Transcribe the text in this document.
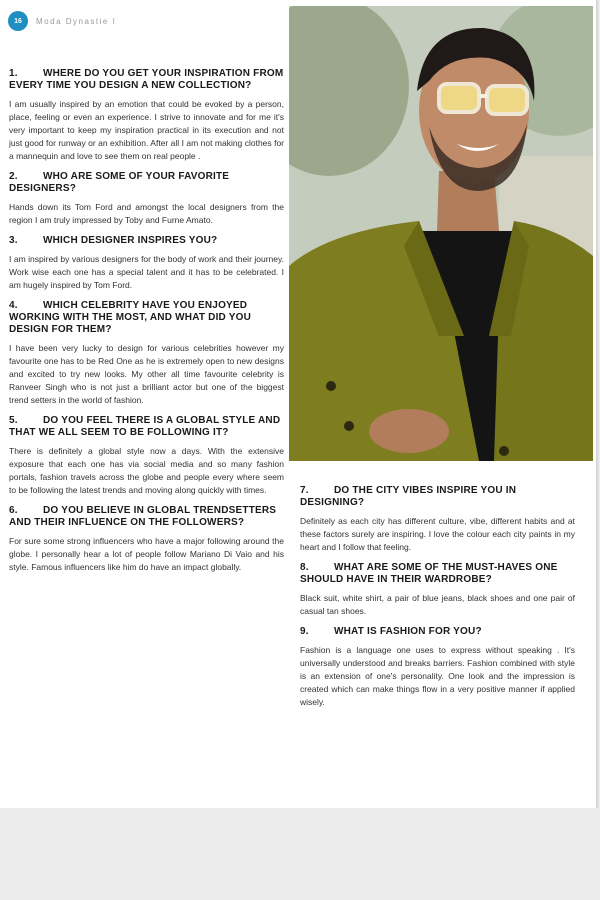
16	Moda Dynastie I
1.	WHERE DO YOU GET YOUR INSPIRATION FROM EVERY TIME YOU DESIGN A NEW COLLECTION?

I am usually inspired by an emotion that could be evoked by a person, place, feeling or even an experience. I strive to innovate and for me it's very important to keep my inspiration practical in its execution and not just good for runway or an exhibition. After all I am not making clothes for a mannequin and love to see them on real people .

2.	WHO ARE SOME OF YOUR FAVORITE DESIGNERS?

Hands down its Tom Ford and amongst the local designers from the region I am truly impressed by Toby and Furne Amato.

3.	WHICH DESIGNER INSPIRES YOU?

I am inspired by various designers for the body of work and their journey. Work wise each one has a special talent and it has to be celebrated. I am hugely inspired by Tom Ford.

4.	WHICH CELEBRITY HAVE YOU ENJOYED WORKING WITH THE MOST, AND WHAT DID YOU DESIGN FOR THEM?

I have been very lucky to design for various celebrities however my favourite one has to be Red One as he is extremely open to new designs and excited to try new looks. My other all time favourite celebrity is Ranveer Singh who is not just a brilliant actor but one of the biggest trend setters in the world of fashion.

5.	DO YOU FEEL THERE IS A GLOBAL STYLE AND THAT WE ALL SEEM TO BE FOLLOWING IT?

There is definitely a global style now a days. With the extensive exposure that each one has via social media and so many fashion portals, fashion travels across the globe and people every where seem to be following the latest trends and moving along quickly with times.

6.	DO YOU BELIEVE IN GLOBAL TRENDSETTERS AND THEIR INFLUENCE ON THE FOLLOWERS?

For sure some strong influencers who have a major following around the globe. I personally hear a lot of people follow Mariano Di Vaio and his style. Famous influencers like him do have an impact globally.

7.	DO THE CITY VIBES INSPIRE YOU IN DESIGNING?

Definitely as each city has different culture, vibe, different habits and at these factors surely are inspiring. I love the colour each city paints in my heart and I follow that feeling.

8.	WHAT ARE SOME OF THE MUST-HAVES ONE SHOULD HAVE IN THEIR WARDROBE?

Black suit, white shirt, a pair of blue jeans, black shoes and one pair of casual tan shoes.

9.	WHAT IS FASHION FOR YOU?

Fashion is a language one uses to express without speaking . It's universally understood and breaks barriers. Fashion combined with style is an extension of one's personality. One look and the impression is created which can make things flow in a very positive manner if applied wisely.
